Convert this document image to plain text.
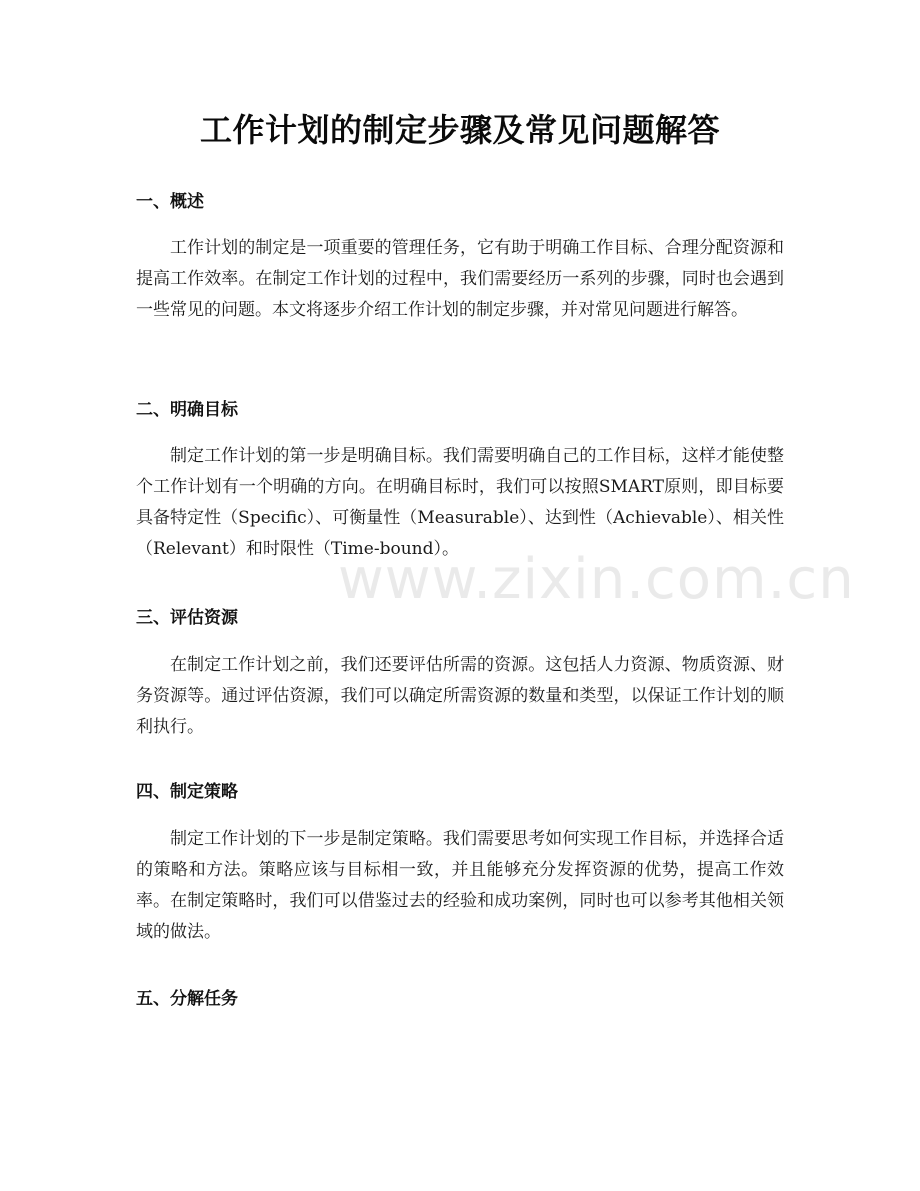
工作计划的制定步骤及常见问题解答
一、概述

工作计划的制定是一项重要的管理任务，它有助于明确工作目标、合理分配资源和提高工作效率。在制定工作计划的过程中，我们需要经历一系列的步骤，同时也会遇到一些常见的问题。本文将逐步介绍工作计划的制定步骤，并对常见问题进行解答。

二、明确目标

制定工作计划的第一步是明确目标。我们需要明确自己的工作目标，这样才能使整个工作计划有一个明确的方向。在明确目标时，我们可以按照SMART原则，即目标要具备特定性（Specific）、可衡量性（Measurable）、达到性（Achievable）、相关性（Relevant）和时限性（Time-bound）。

三、评估资源

在制定工作计划之前，我们还要评估所需的资源。这包括人力资源、物质资源、财务资源等。通过评估资源，我们可以确定所需资源的数量和类型，以保证工作计划的顺利执行。

四、制定策略

制定工作计划的下一步是制定策略。我们需要思考如何实现工作目标，并选择合适的策略和方法。策略应该与目标相一致，并且能够充分发挥资源的优势，提高工作效率。在制定策略时，我们可以借鉴过去的经验和成功案例，同时也可以参考其他相关领域的做法。

五、分解任务
www.zixin.com.cn
